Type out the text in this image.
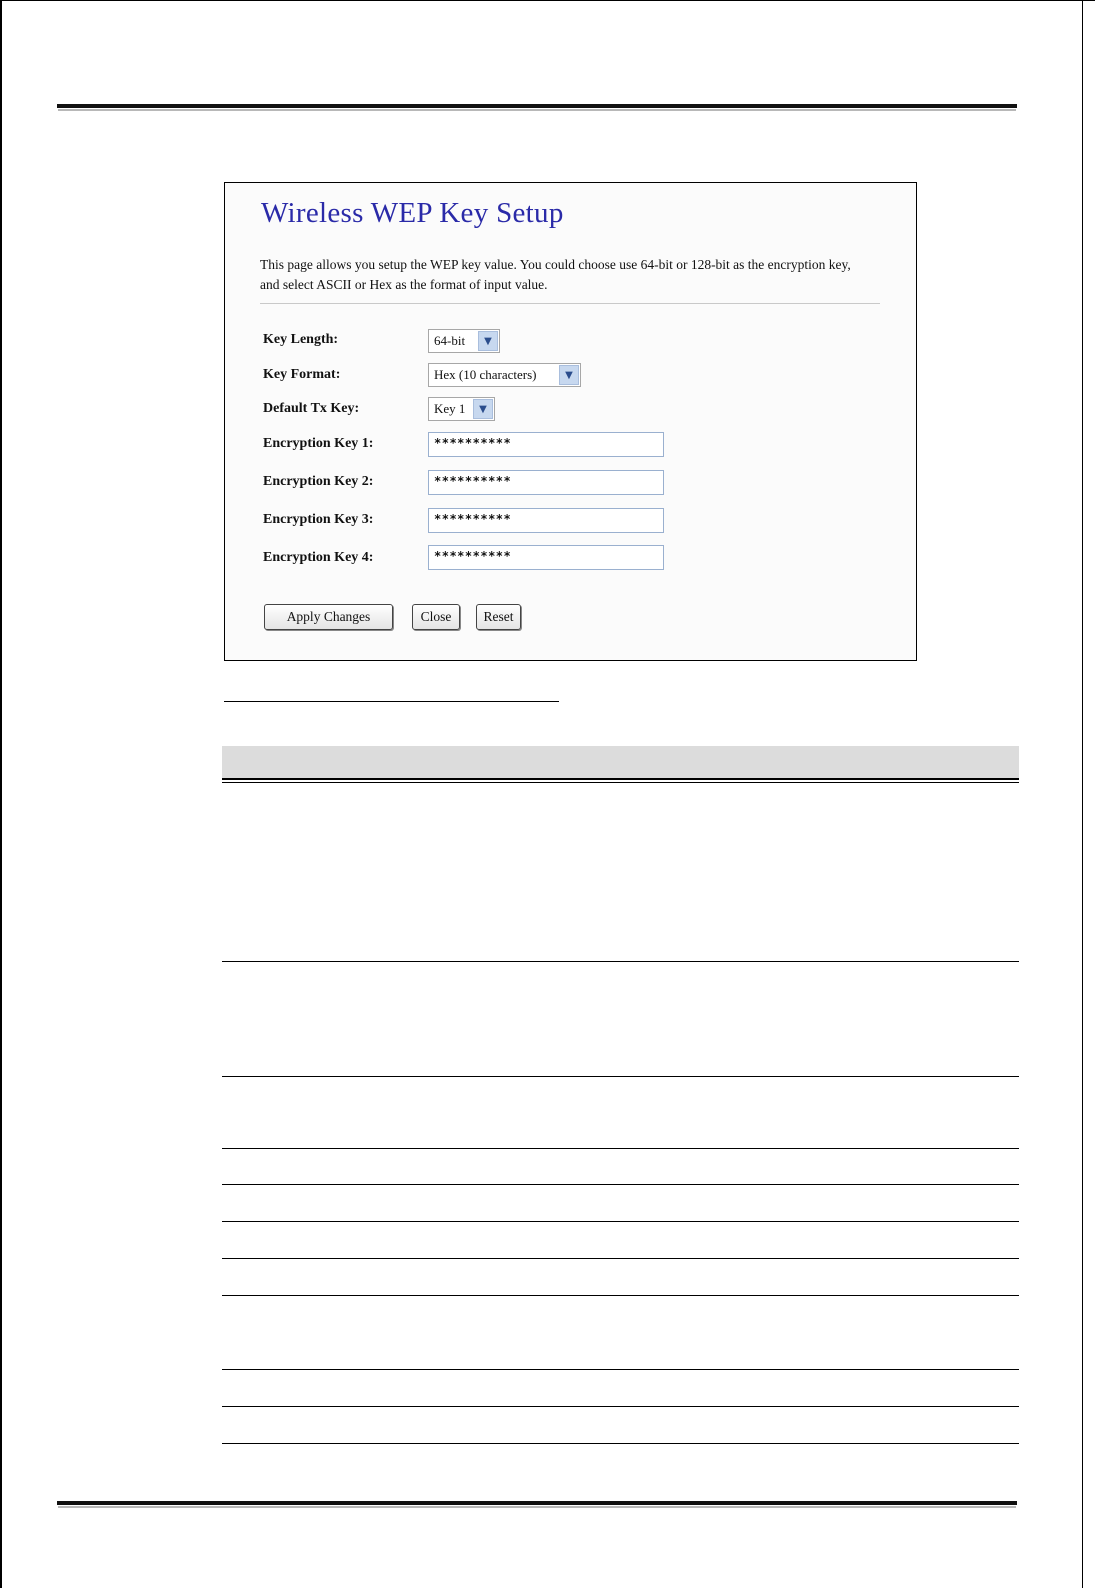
Wireless WEP Key Setup
This page allows you setup the WEP key value. You could choose use 64-bit or 128-bit as the encryption key, and select ASCII or Hex as the format of input value.
Key Length:	64-bit	▼
Key Format:	Hex (10 characters)	▼
Default Tx Key:	Key 1	▼
Encryption Key 1:	**********
Encryption Key 2:	**********
Encryption Key 3:	**********
Encryption Key 4:	**********
Apply Changes	Close	Reset
